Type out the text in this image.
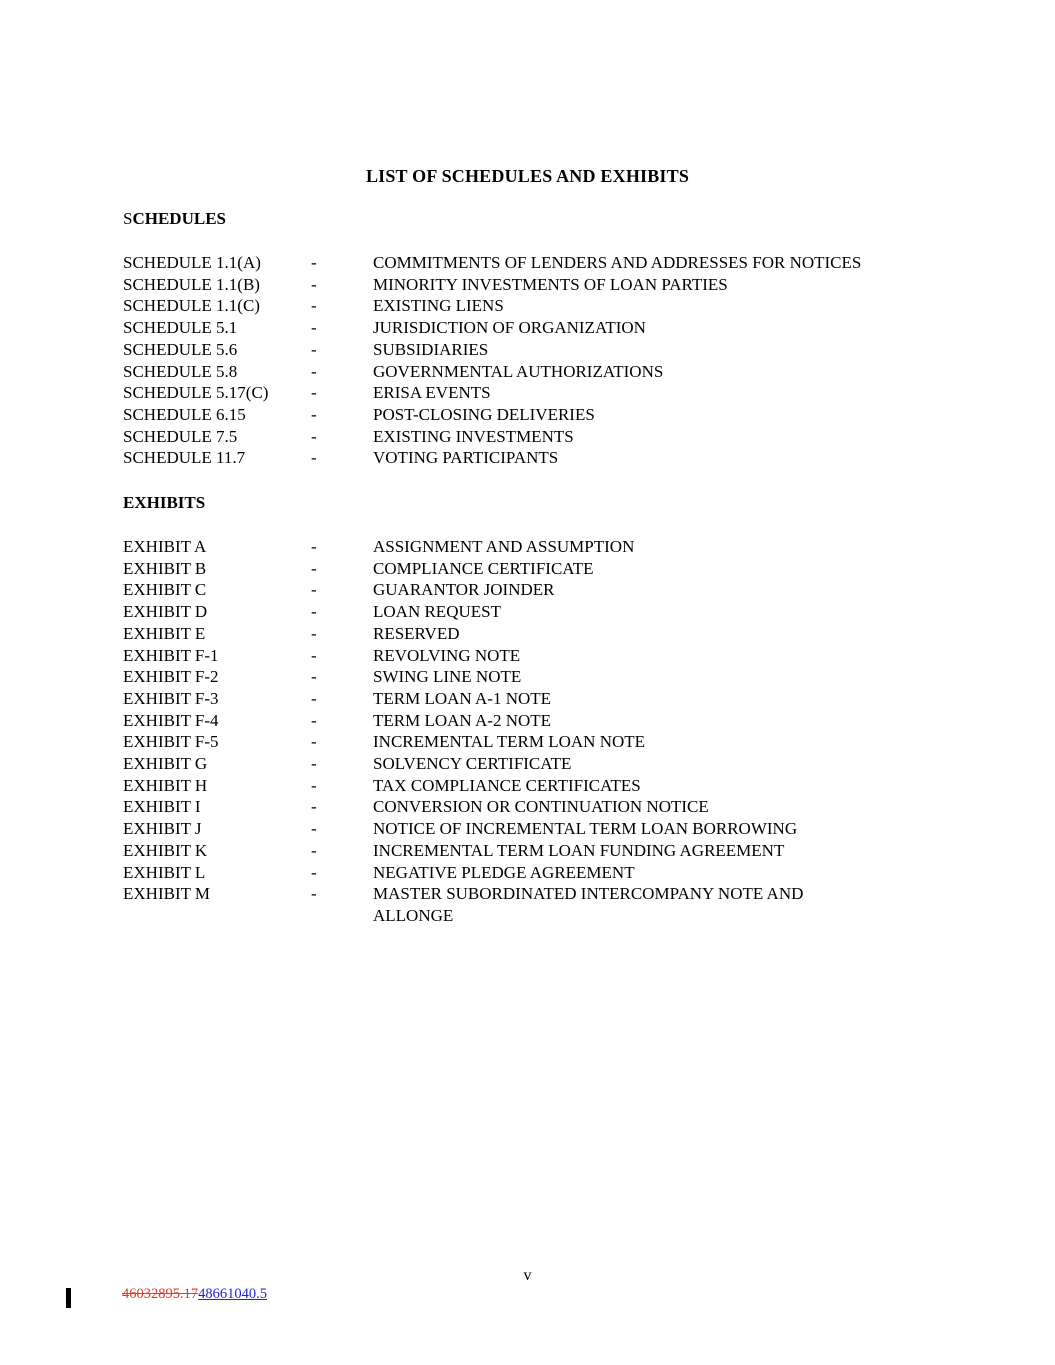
LIST OF SCHEDULES AND EXHIBITS
SCHEDULES
SCHEDULE 1.1(A)	-	COMMITMENTS OF LENDERS AND ADDRESSES FOR NOTICES
SCHEDULE 1.1(B)	-	MINORITY INVESTMENTS OF LOAN PARTIES
SCHEDULE 1.1(C)	-	EXISTING LIENS
SCHEDULE 5.1	-	JURISDICTION OF ORGANIZATION
SCHEDULE 5.6	-	SUBSIDIARIES
SCHEDULE 5.8	-	GOVERNMENTAL AUTHORIZATIONS
SCHEDULE 5.17(C)	-	ERISA EVENTS
SCHEDULE 6.15	-	POST-CLOSING DELIVERIES
SCHEDULE 7.5	-	EXISTING INVESTMENTS
SCHEDULE 11.7	-	VOTING PARTICIPANTS
EXHIBITS
EXHIBIT A	-	ASSIGNMENT AND ASSUMPTION
EXHIBIT B	-	COMPLIANCE CERTIFICATE
EXHIBIT C	-	GUARANTOR JOINDER
EXHIBIT D	-	LOAN REQUEST
EXHIBIT E	-	RESERVED
EXHIBIT F-1	-	REVOLVING NOTE
EXHIBIT F-2	-	SWING LINE NOTE
EXHIBIT F-3	-	TERM LOAN A-1 NOTE
EXHIBIT F-4	-	TERM LOAN A-2 NOTE
EXHIBIT F-5	-	INCREMENTAL TERM LOAN NOTE
EXHIBIT G	-	SOLVENCY CERTIFICATE
EXHIBIT H	-	TAX COMPLIANCE CERTIFICATES
EXHIBIT I	-	CONVERSION OR CONTINUATION NOTICE
EXHIBIT J	-	NOTICE OF INCREMENTAL TERM LOAN BORROWING
EXHIBIT K	-	INCREMENTAL TERM LOAN FUNDING AGREEMENT
EXHIBIT L	-	NEGATIVE PLEDGE AGREEMENT
EXHIBIT M	-	MASTER SUBORDINATED INTERCOMPANY NOTE AND
ALLONGE
v
46032895.1748661040.5
